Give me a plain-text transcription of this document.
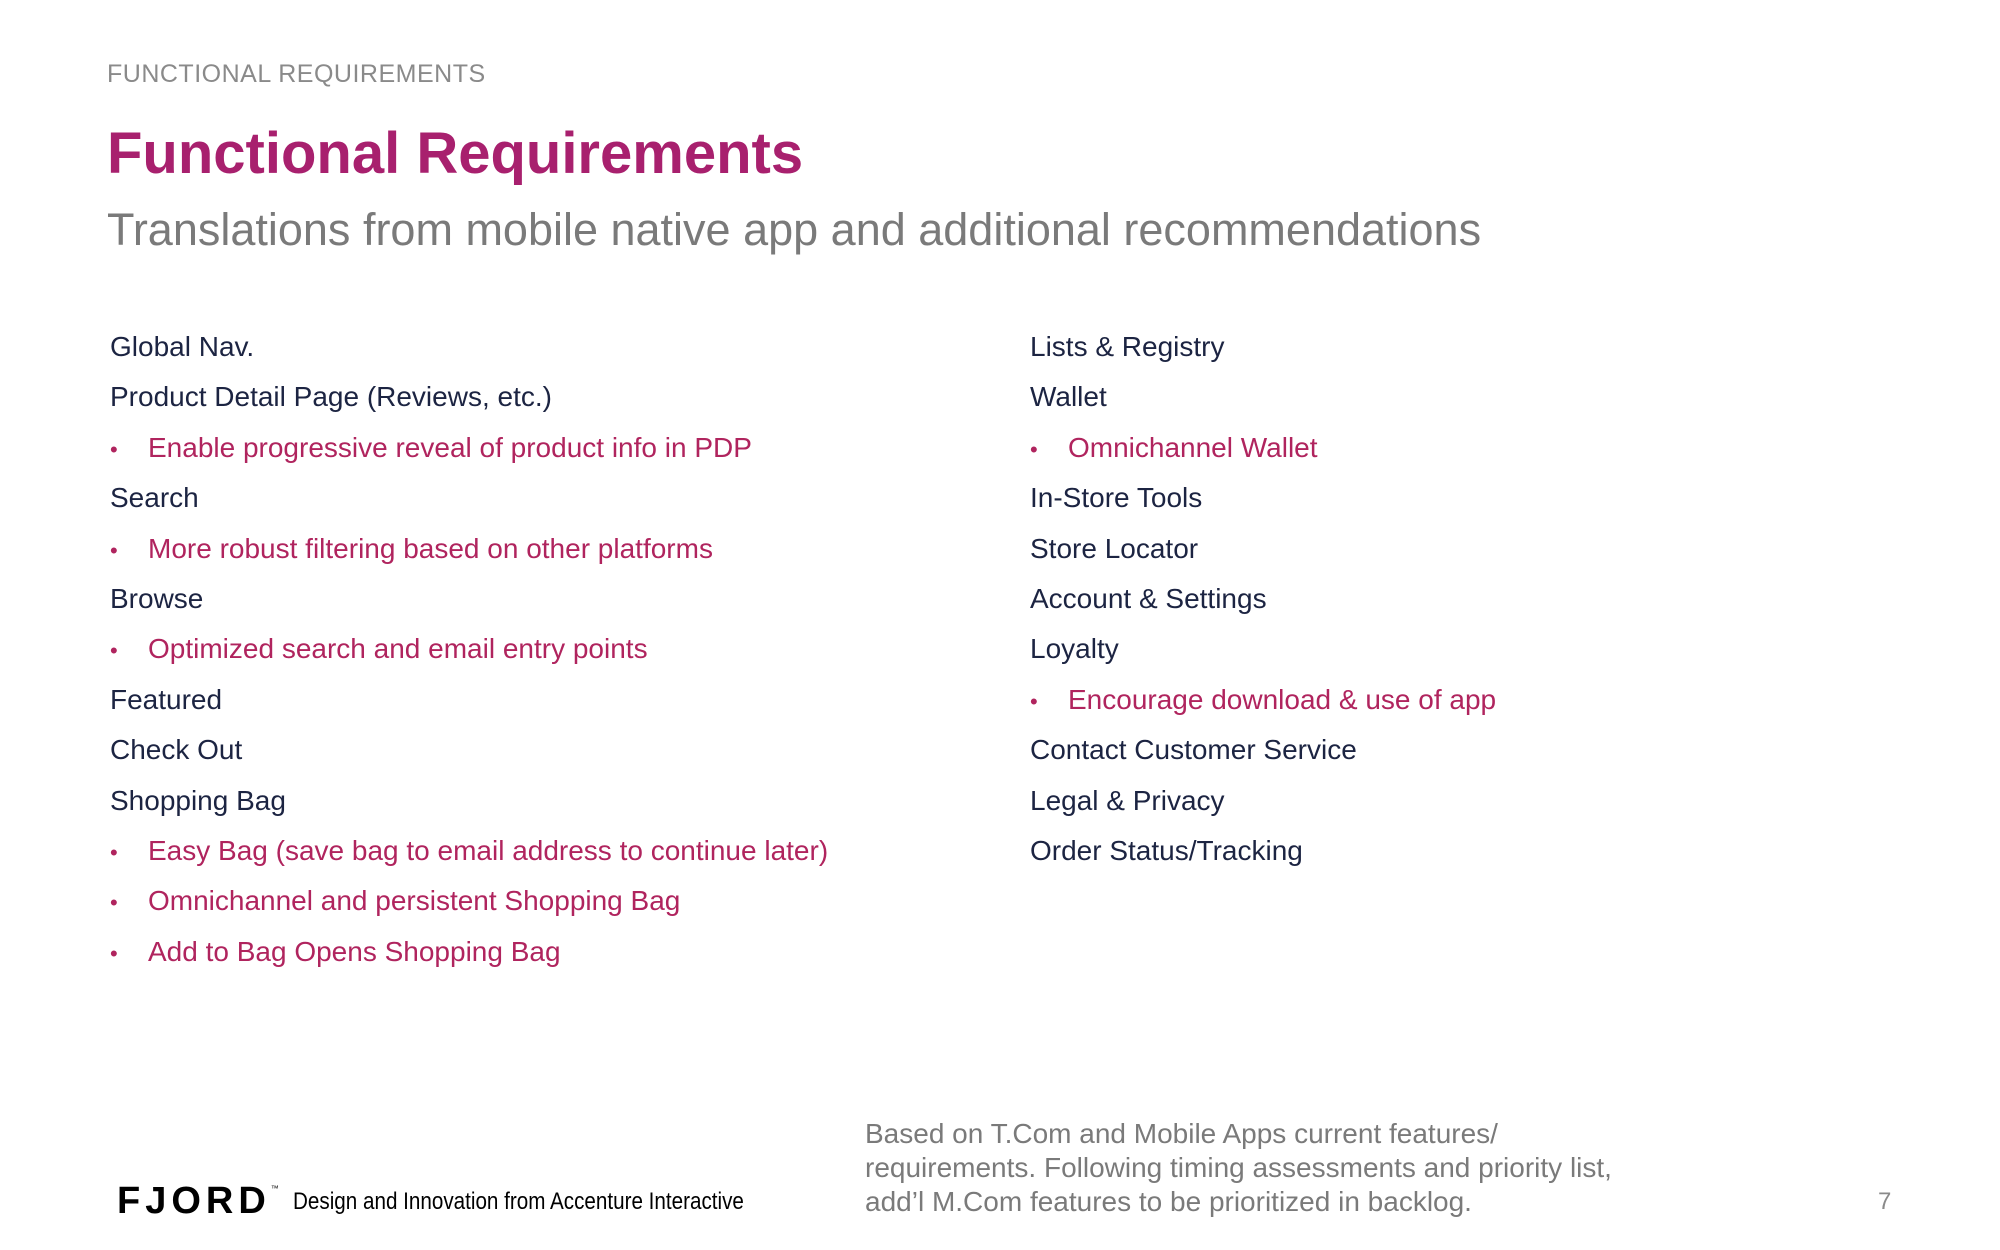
FUNCTIONAL REQUIREMENTS
Functional Requirements
Translations from mobile native app and additional recommendations
Global Nav.
Product Detail Page (Reviews, etc.)
• Enable progressive reveal of product info in PDP
Search
• More robust filtering based on other platforms
Browse
• Optimized search and email entry points
Featured
Check Out
Shopping Bag
• Easy Bag (save bag to email address to continue later)
• Omnichannel and persistent Shopping Bag
• Add to Bag Opens Shopping Bag
Lists & Registry
Wallet
• Omnichannel Wallet
In-Store Tools
Store Locator
Account & Settings
Loyalty
• Encourage download & use of app
Contact Customer Service
Legal & Privacy
Order Status/Tracking
Based on T.Com and Mobile Apps current features/
requirements. Following timing assessments and priority list,
add’l M.Com features to be prioritized in backlog.
FJORD ™ Design and Innovation from Accenture Interactive	7
